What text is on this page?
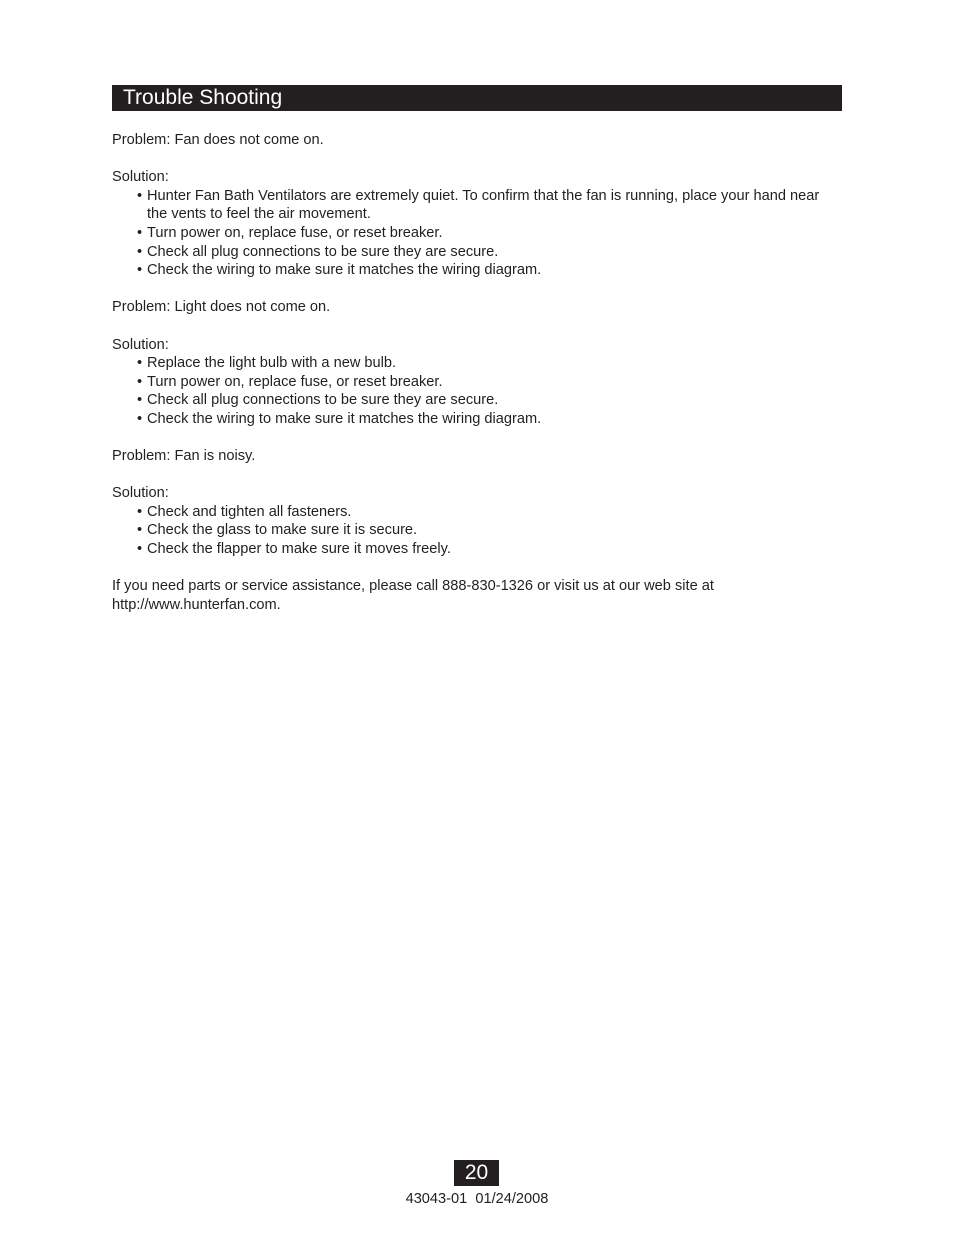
Trouble Shooting

Problem: Fan does not come on.

Solution:

• Hunter Fan Bath Ventilators are extremely quiet. To confirm that the fan is running, place your hand near the vents to feel the air movement.
• Turn power on, replace fuse, or reset breaker.
• Check all plug connections to be sure they are secure.
• Check the wiring to make sure it matches the wiring diagram.

Problem: Light does not come on.

Solution:

• Replace the light bulb with a new bulb.
• Turn power on, replace fuse, or reset breaker.
• Check all plug connections to be sure they are secure.
• Check the wiring to make sure it matches the wiring diagram.

Problem: Fan is noisy.

Solution:

• Check and tighten all fasteners.
• Check the glass to make sure it is secure.
• Check the flapper to make sure it moves freely.

If you need parts or service assistance, please call 888-830-1326 or visit us at our web site at http://www.hunterfan.com.

20
43043-01  01/24/2008
